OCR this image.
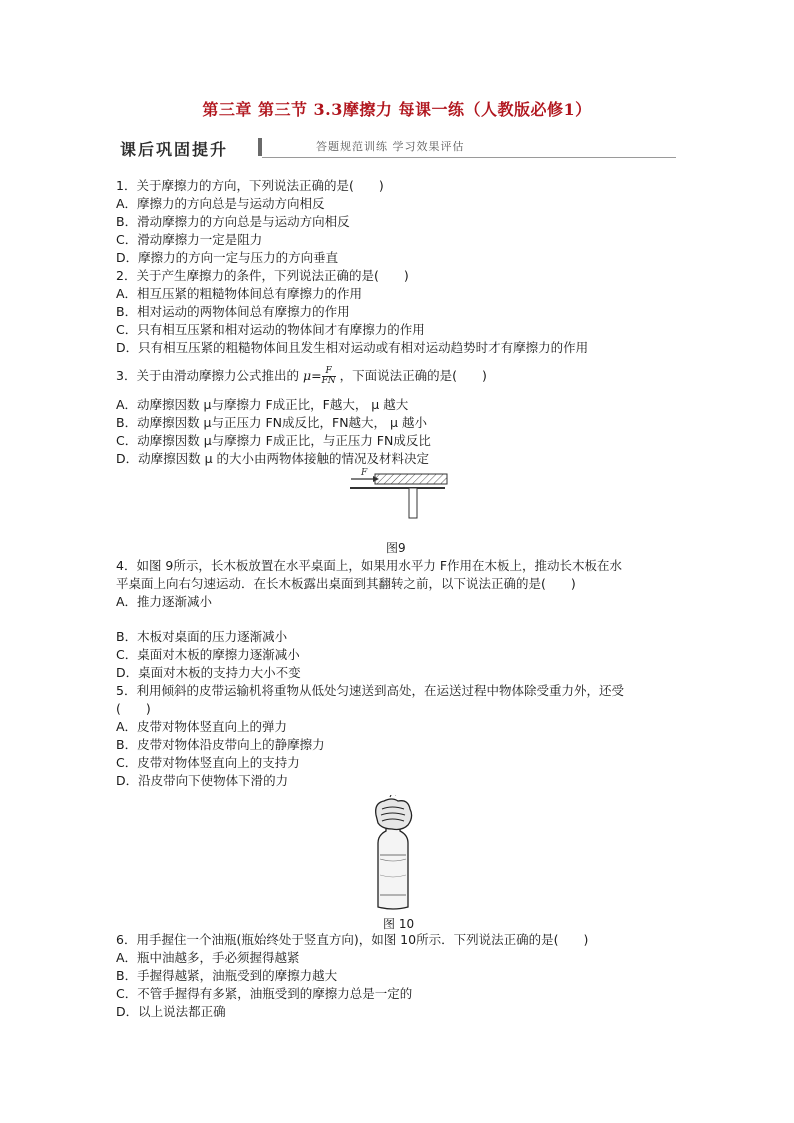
第三章 第三节 3.3摩擦力 每课一练（人教版必修1）
课后巩固提升	答题规范训练 学习效果评估
1．关于摩擦力的方向，下列说法正确的是(　　)
A．摩擦力的方向总是与运动方向相反
B．滑动摩擦力的方向总是与运动方向相反
C．滑动摩擦力一定是阻力
D．摩擦力的方向一定与压力的方向垂直
2．关于产生摩擦力的条件，下列说法正确的是(　　)
A．相互压紧的粗糙物体间总有摩擦力的作用
B．相对运动的两物体间总有摩擦力的作用
C．只有相互压紧和相对运动的物体间才有摩擦力的作用
D．只有相互压紧的粗糙物体间且发生相对运动或有相对运动趋势时才有摩擦力的作用
3．关于由滑动摩擦力公式推出的 $\mu= \frac{F}{FN}$ ，下面说法正确的是(　　)
A．动摩擦因数 μ与摩擦力 F成正比，F越大， μ 越大
B．动摩擦因数 μ与正压力 FN成反比，FN越大， μ 越小
C．动摩擦因数 μ与摩擦力 F成正比，与正压力 FN成反比
D．动摩擦因数 μ 的大小由两物体接触的情况及材料决定
F
图9
4．如图 9所示，长木板放置在水平桌面上，如果用水平力 F作用在木板上，推动长木板在水
平桌面上向右匀速运动．在长木板露出桌面到其翻转之前，以下说法正确的是(　　)
A．推力逐渐减小
B．木板对桌面的压力逐渐减小
C．桌面对木板的摩擦力逐渐减小
D．桌面对木板的支持力大小不变
5．利用倾斜的皮带运输机将重物从低处匀速送到高处，在运送过程中物体除受重力外，还受
(　　)
A．皮带对物体竖直向上的弹力
B．皮带对物体沿皮带向上的静摩擦力
C．皮带对物体竖直向上的支持力
D．沿皮带向下使物体下滑的力
图 10
6．用手握住一个油瓶(瓶始终处于竖直方向)，如图 10所示．下列说法正确的是(　　)
A．瓶中油越多，手必须握得越紧
B．手握得越紧，油瓶受到的摩擦力越大
C．不管手握得有多紧，油瓶受到的摩擦力总是一定的
D．以上说法都正确
